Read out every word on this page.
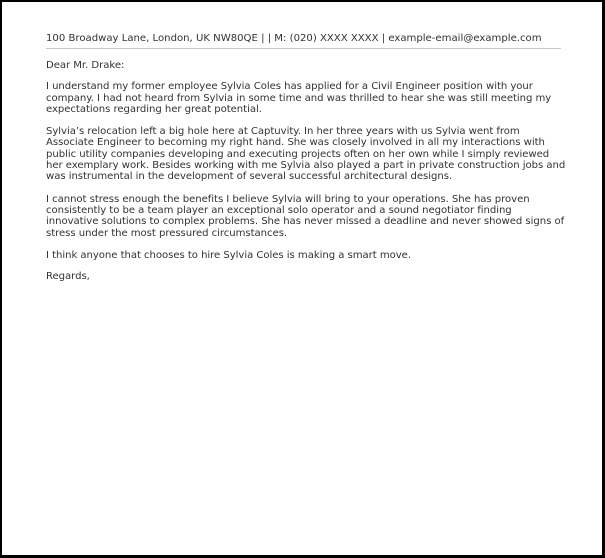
100 Broadway Lane, London, UK NW80QE | | M: (020) XXXX XXXX | example-email@example.com

Dear Mr. Drake:

I understand my former employee Sylvia Coles has applied for a Civil Engineer position with your company. I had not heard from Sylvia in some time and was thrilled to hear she was still meeting my expectations regarding her great potential.

Sylvia’s relocation left a big hole here at Captuvity. In her three years with us Sylvia went from Associate Engineer to becoming my right hand. She was closely involved in all my interactions with public utility companies developing and executing projects often on her own while I simply reviewed her exemplary work. Besides working with me Sylvia also played a part in private construction jobs and was instrumental in the development of several successful architectural designs.

I cannot stress enough the benefits I believe Sylvia will bring to your operations. She has proven consistently to be a team player an exceptional solo operator and a sound negotiator finding innovative solutions to complex problems. She has never missed a deadline and never showed signs of stress under the most pressured circumstances.

I think anyone that chooses to hire Sylvia Coles is making a smart move.

Regards,
